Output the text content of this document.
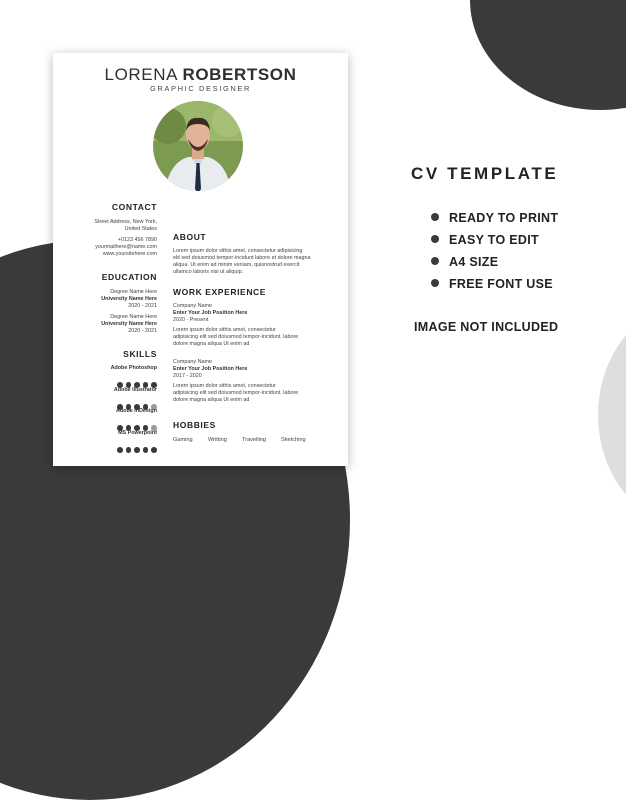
LORENA ROBERTSON
GRAPHIC DESIGNER
CONTACT
Street Address, New York,
United States
+0123 456 7890
yourmailhere@name.com
www.yoursitehere.com
EDUCATION
Degree Name Here
University Name Here
2020 - 2021
Degree Name Here
University Name Here
2020 - 2021
SKILLS
Adobe Photoshop
Adobe Illustrator
Adobe InDesign
MS Powerpoint
ABOUT
Lorem ipsum dolor sithis amet, consectetur adipisicing
elit sed doiusmod tempor-incidunt labore et dolore magna
aliqua. Ut enim ad minim veniam, quisnostrud exercit
ullamco laboris nisi ut aliquip.
WORK EXPERIENCE
Company Name
Enter Your Job Position Here
2020 - Present
Lorem ipsum dolor sithis amet, consectetur
adipisicing elit sed doiusmod tempor-incidunt. labore
dolore magna aliqua Ut enim ad
Company Name
Enter Your Job Position Here
2017 - 2020
Lorem ipsum dolor sithis amet, consectetur
adipisicing elit sed doiusmod tempor-incidunt. labore
dolore magna aliqua Ut enim ad
HOBBIES
Gaming	Writting	Travelling	Sketching
CV TEMPLATE
READY TO PRINT
EASY TO EDIT
A4 SIZE
FREE FONT USE
IMAGE NOT INCLUDED
